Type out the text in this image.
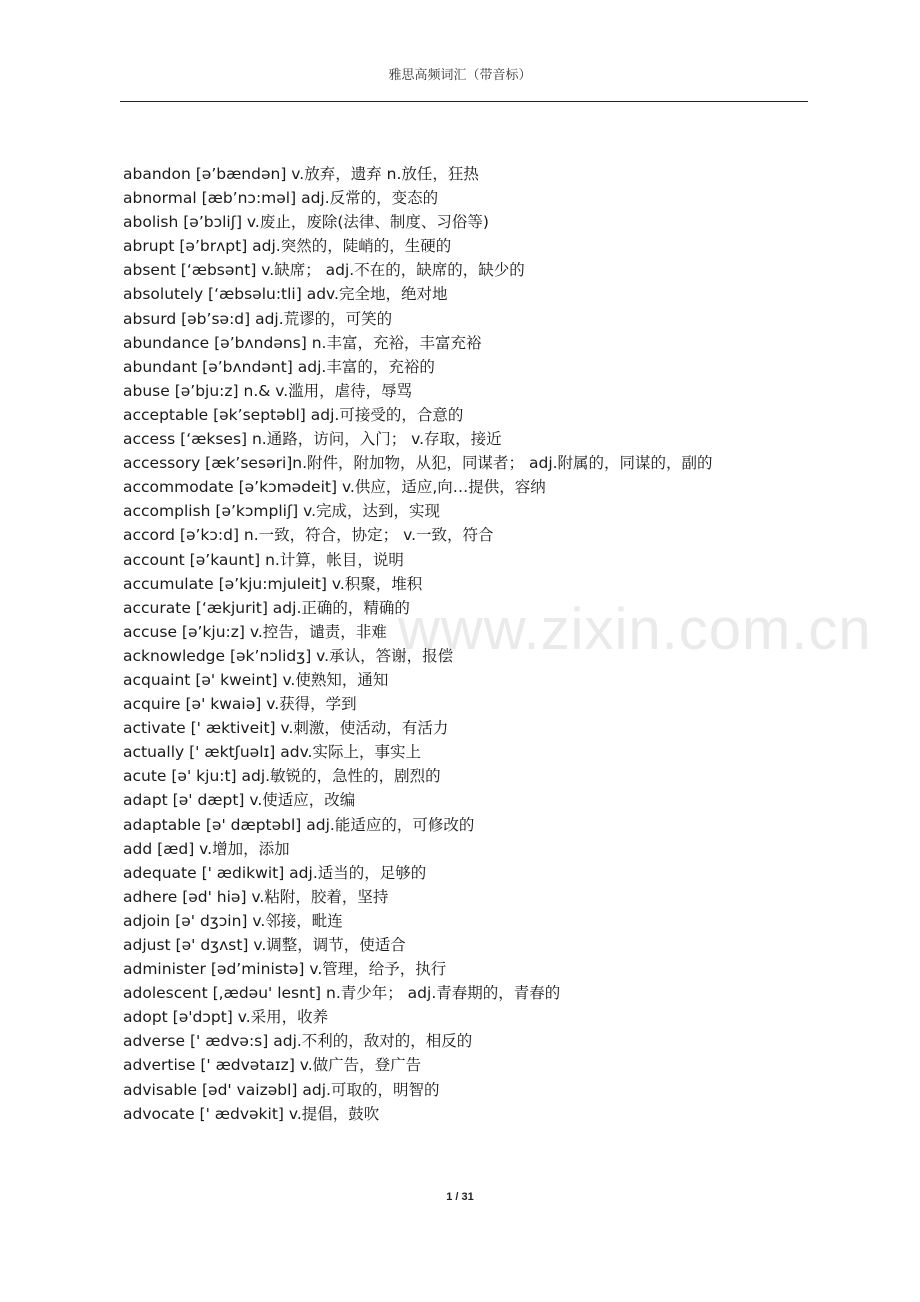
雅思高频词汇（带音标）
www.zixin.com.cn
abandon [ə’bændən] v.放弃，遗弃 n.放任，狂热
abnormal [æb’nɔ:məl] adj.反常的，变态的
abolish [ə’bɔliʃ] v.废止，废除(法律、制度、习俗等)
abrupt [ə’brʌpt] adj.突然的，陡峭的，生硬的
absent [‘æbsənt] v.缺席； adj.不在的，缺席的，缺少的
absolutely [‘æbsəlu:tli] adv.完全地，绝对地
absurd [əb’sə:d] adj.荒谬的，可笑的
abundance [ə’bʌndəns] n.丰富，充裕，丰富充裕
abundant [ə’bʌndənt] adj.丰富的，充裕的
abuse [ə’bju:z] n.& v.滥用，虐待，辱骂
acceptable [ək’septəbl] adj.可接受的，合意的
access [‘ækses] n.通路，访问，入门； v.存取，接近
accessory [æk’sesəri]n.附件，附加物，从犯，同谋者； adj.附属的，同谋的，副的
accommodate [ə’kɔmədeit] v.供应，适应,向…提供，容纳
accomplish [ə’kɔmpliʃ] v.完成，达到，实现
accord [ə’kɔ:d] n.一致，符合，协定； v.一致，符合
account [ə’kaunt] n.计算，帐目，说明
accumulate [ə’kju:mjuleit] v.积聚，堆积
accurate [‘ækjurit] adj.正确的，精确的
accuse [ə’kju:z] v.控告，谴责，非难
acknowledge [ək’nɔlidʒ] v.承认，答谢，报偿
acquaint [ə' kweint] v.使熟知，通知
acquire [ə' kwaiə] v.获得，学到
activate [' æktiveit] v.刺激，使活动，有活力
actually [' æktʃuəlɪ] adv.实际上，事实上
acute [ə' kju:t] adj.敏锐的，急性的，剧烈的
adapt [ə' dæpt] v.使适应，改编
adaptable [ə' dæptəbl] adj.能适应的，可修改的
add [æd] v.增加，添加
adequate [' ædikwit] adj.适当的，足够的
adhere [əd' hiə] v.粘附，胶着，坚持
adjoin [ə' dʒɔin] v.邻接，毗连
adjust [ə' dʒʌst] v.调整，调节，使适合
administer [əd’ministə] v.管理，给予，执行
adolescent [,ædəu' lesnt] n.青少年； adj.青春期的，青春的
adopt [ə'dɔpt] v.采用，收养
adverse [' ædvə:s] adj.不利的，敌对的，相反的
advertise [' ædvətaɪz] v.做广告，登广告
advisable [əd' vaizəbl] adj.可取的，明智的
advocate [' ædvəkit] v.提倡，鼓吹
1 / 31
